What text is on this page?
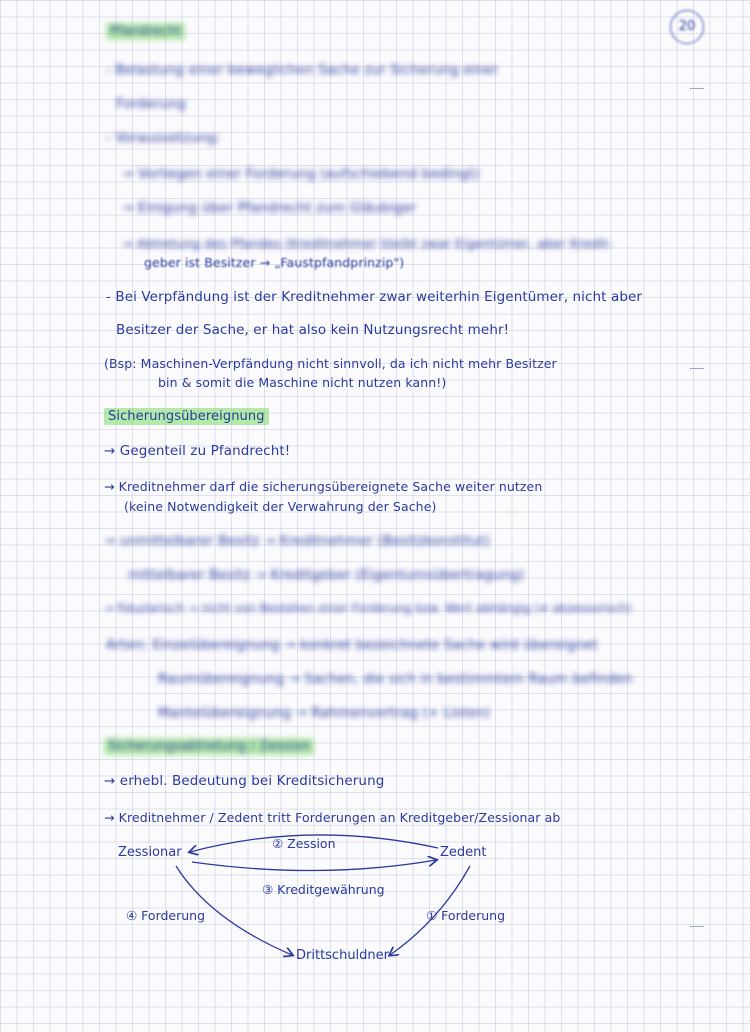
20
Pfandrecht
- Belastung einer beweglichen Sache zur Sicherung einer
Forderung
- Voraussetzung:
→ Vorliegen einer Forderung (aufschiebend bedingt)
→ Einigung über Pfandrecht zum Gläubiger
→ Abtretung des Pfandes (Kreditnehmer bleibt zwar Eigentümer, aber Kredit-
geber ist Besitzer → „Faustpfandprinzip")
- Bei Verpfändung ist der Kreditnehmer zwar weiterhin Eigentümer, nicht aber
Besitzer der Sache, er hat also kein Nutzungsrecht mehr!
(Bsp: Maschinen-Verpfändung nicht sinnvoll, da ich nicht mehr Besitzer
bin & somit die Maschine nicht nutzen kann!)
Sicherungsübereignung
→ Gegenteil zu Pfandrecht!
→ Kreditnehmer darf die sicherungsübereignete Sache weiter nutzen
(keine Notwendigkeit der Verwahrung der Sache)
→ unmittelbarer Besitz → Kreditnehmer (Besitzkonstitut)
mittelbarer Besitz → Kreditgeber (Eigentumsübertragung)
→ fiduziarisch → nicht von Bestehen einer Forderung bzw. Wert abhängig (≠ akzessorisch)
Arten: Einzelübereignung → konkret bezeichnete Sache wird übereignet
Raumübereignung → Sachen, die sich in bestimmtem Raum befinden
Mantelübereignung → Rahmenvertrag (+ Listen)
Sicherungsabtretung / Zession
→ erhebl. Bedeutung bei Kreditsicherung
→ Kreditnehmer / Zedent tritt Forderungen an Kreditgeber/Zessionar ab
Zessionar	Zedent
Drittschuldner
② Zession
③ Kreditgewährung
④ Forderung	① Forderung
